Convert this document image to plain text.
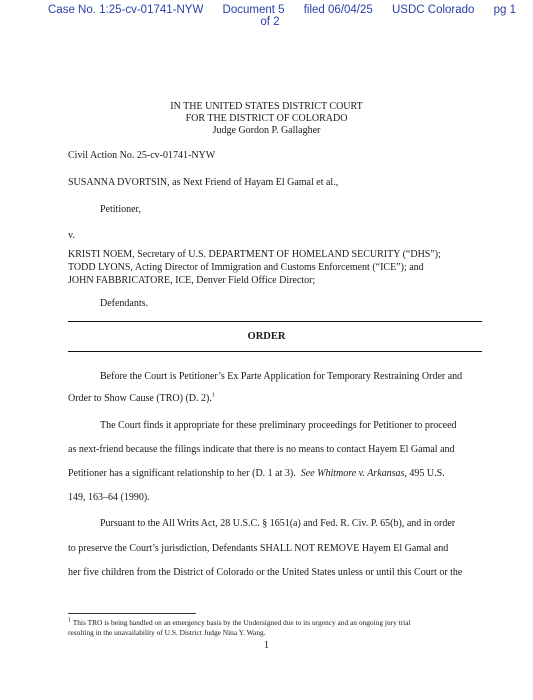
Case No. 1:25-cv-01741-NYW Document 5 filed 06/04/25 USDC Colorado pg 1
of 2
IN THE UNITED STATES DISTRICT COURT
FOR THE DISTRICT OF COLORADO
Judge Gordon P. Gallagher
Civil Action No. 25-cv-01741-NYW
SUSANNA DVORTSIN, as Next Friend of Hayam El Gamal et al.,
Petitioner,
v.
KRISTI NOEM, Secretary of U.S. DEPARTMENT OF HOMELAND SECURITY (“DHS”);
TODD LYONS, Acting Director of Immigration and Customs Enforcement (“ICE”); and
JOHN FABBRICATORE, ICE, Denver Field Office Director;
Defendants.
ORDER
Before the Court is Petitioner’s Ex Parte Application for Temporary Restraining Order and
Order to Show Cause (TRO) (D. 2).$^1$
The Court finds it appropriate for these preliminary proceedings for Petitioner to proceed
as next-friend because the filings indicate that there is no means to contact Hayem El Gamal and
Petitioner has a significant relationship to her (D. 1 at 3). See Whitmore v. Arkansas, 495 U.S.
149, 163–64 (1990).
Pursuant to the All Writs Act, 28 U.S.C. § 1651(a) and Fed. R. Civ. P. 65(b), and in order
to preserve the Court’s jurisdiction, Defendants SHALL NOT REMOVE Hayem El Gamal and
her five children from the District of Colorado or the United States unless or until this Court or the
$^1$ This TRO is being handled on an emergency basis by the Undersigned due to its urgency and an ongoing jury trial
resulting in the unavailability of U.S. District Judge Nina Y. Wang.
1
